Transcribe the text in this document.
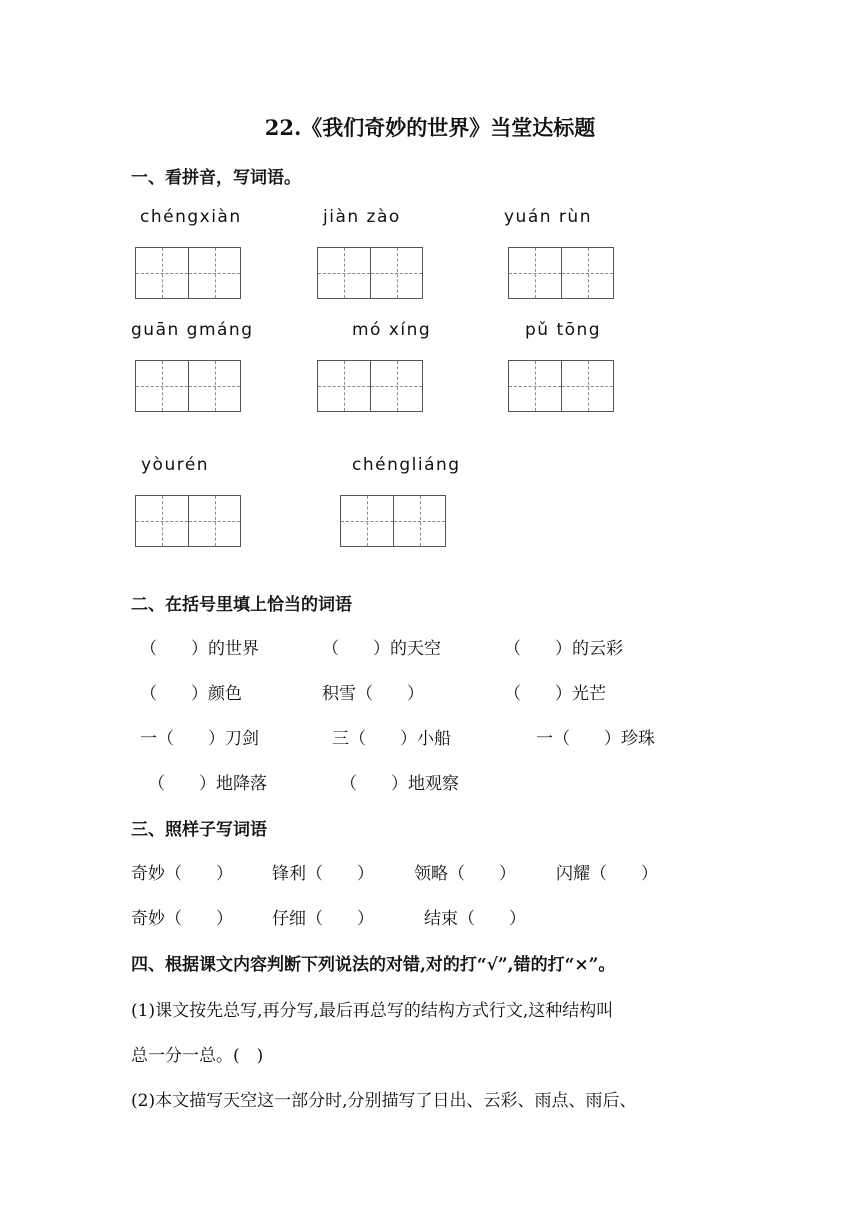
22.《我们奇妙的世界》当堂达标题
一、看拼音，写词语。
chéngxiàn	jiàn zào	yuán rùn
guān gmáng	mó xíng	pǔ tōng
yòurén	chéngliáng
二、在括号里填上恰当的词语
（　　）的世界	（　　）的天空	（　　）的云彩
（　　）颜色	积雪（　　）	（　　）光芒
一（　　）刀剑	三（　　）小船	一（　　）珍珠
（　　）地降落	（　　）地观察
三、照样子写词语
奇妙（　　） 锋利（　　） 领略（　　） 闪耀（　　）
奇妙（　　） 仔细（　　）	结束（　　）
四、根据课文内容判断下列说法的对错,对的打“√”,错的打“×”。
(1)课文按先总写,再分写,最后再总写的结构方式行文,这种结构叫
总一分一总。(　)
(2)本文描写天空这一部分时,分别描写了日出、云彩、雨点、雨后、
